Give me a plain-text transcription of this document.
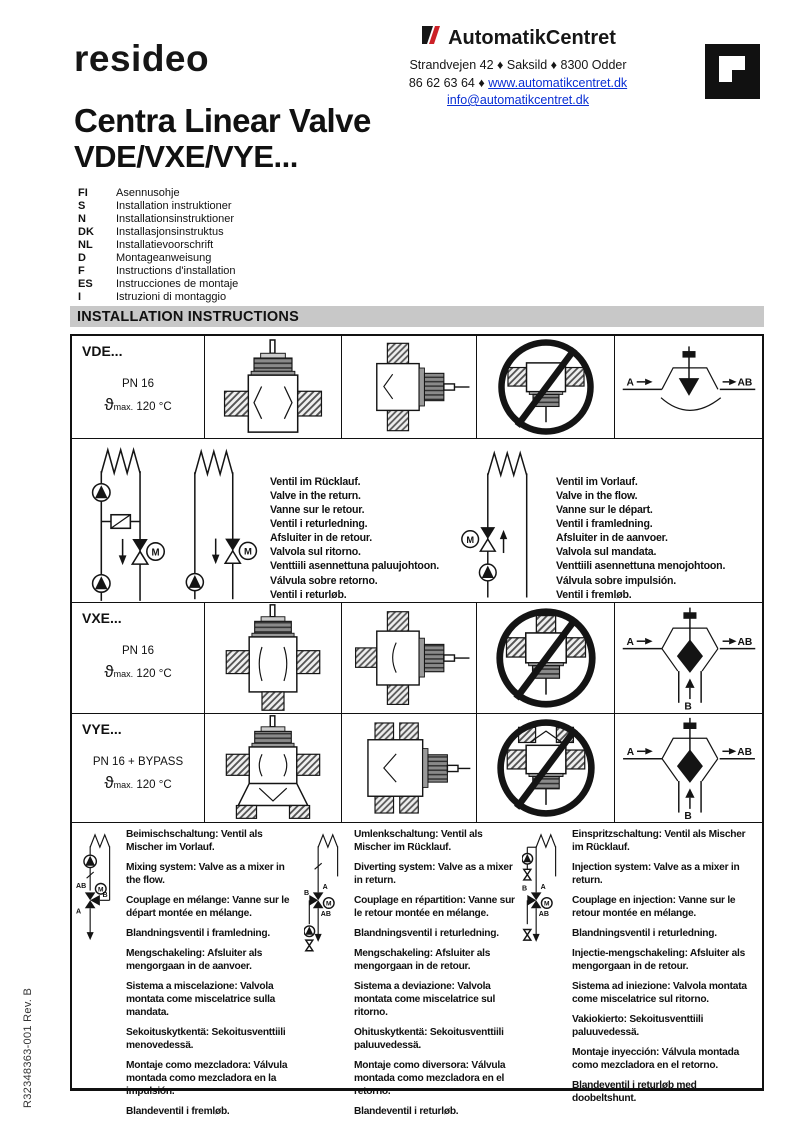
resideo
AutomatikCentret
Strandvejen 42 ♦ Saksild ♦ 8300 Odder
86 62 63 64 ♦ www.automatikcentret.dk
info@automatikcentret.dk
Centra Linear Valve
VDE/VXE/VYE...
FI	Asennusohje
S	Installation instruktioner
N	Installationsinstruktioner
DK	Installasjonsinstruktus
NL	Installatievoorschrift
D	Montageanweisung
F	Instructions d'installation
ES	Instrucciones de montaje
I	Istruzioni di montaggio
INSTALLATION INSTRUCTIONS
VDE...
PN 16
ϑmax. 120 °C
A	AB
M	M
Ventil im Rücklauf.
Valve in the return.
Vanne sur le retour.
Ventil i returledning.
Afsluiter in de retour.
Valvola sul ritorno.
Venttiili asennettuna paluujohtoon.
Válvula sobre retorno.
Ventil i returløb.
M
Ventil im Vorlauf.
Valve in the flow.
Vanne sur le départ.
Ventil i framledning.
Afsluiter in de aanvoer.
Valvola sul mandata.
Venttiili asennettuna menojohtoon.
Válvula sobre impulsión.
Ventil i fremløb.
VXE...
PN 16
ϑmax. 120 °C
B
A	AB
VYE...
PN 16 + BYPASS
ϑmax. 120 °C
B
A	AB
AB
M
A
B

Beimischschaltung: Ventil als Mischer im Vorlauf.

Mixing system: Valve as a mixer in the flow.

Couplage en mélange: Vanne sur le départ montée en mélange.

Blandningsventil i framledning.

Mengschakeling: Afsluiter als mengorgaan in de aanvoer.

Sistema a miscelazione: Valvola montata come miscelatrice sulla mandata.

Sekoituskytkentä: Sekoitusventtiili menovedessä.

Montaje como mezcladora: Válvula montada como mezcladora en la impulsión.

Blandeventil i fremløb.

A
M
B
AB

Umlenkschaltung: Ventil als Mischer im Rücklauf.

Diverting system: Valve as a mixer in return.

Couplage en répartition: Vanne sur le retour montée en mélange.

Blandningsventil i returledning.

Mengschakeling: Afsluiter als mengorgaan in de retour.

Sistema a deviazione: Valvola montata come miscelatrice sul ritorno.

Ohituskytkentä: Sekoitusventtiili paluuvedessä.

Montaje como diversora: Válvula montada como mezcladora en el retorno.

Blandeventil i returløb.

A
M
B
AB

Einspritzschaltung: Ventil als Mischer im Rücklauf.

Injection system: Valve as a mixer in return.

Couplage en injection: Vanne sur le retour montée en mélange.

Blandningsventil i returledning.

Injectie-mengschakeling: Afsluiter als mengorgaan in de retour.

Sistema ad iniezione: Valvola montata come miscelatrice sul ritorno.

Vakiokierto: Sekoitusventtiili paluuvedessä.

Montaje inyección: Válvula montada como mezcladora en el retorno.

Blandeventil i returløb med doobeltshunt.

R32348363-001 Rev. B
